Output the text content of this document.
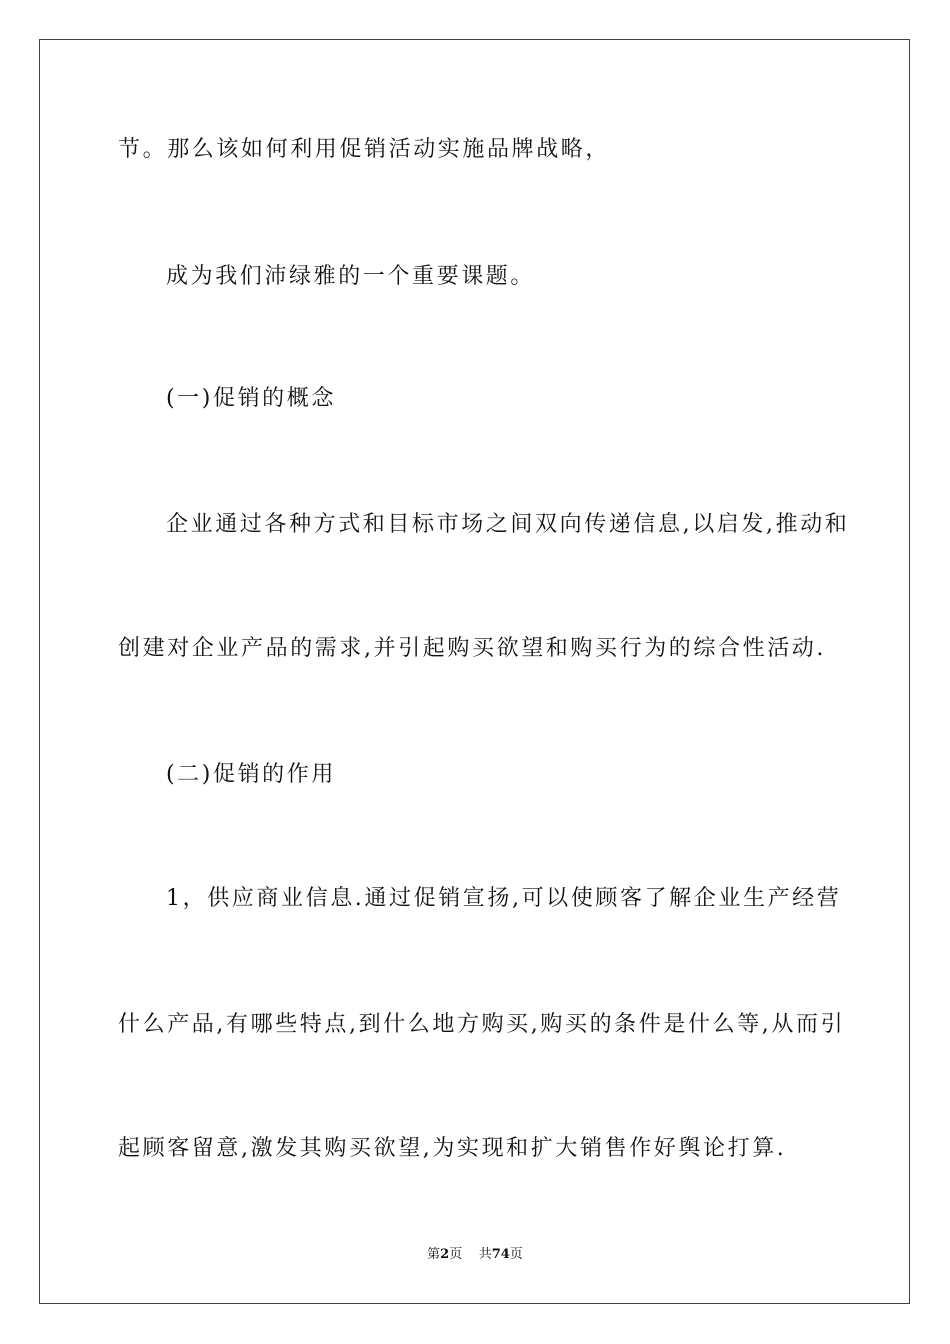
节。那么该如何利用促销活动实施品牌战略，
成为我们沛绿雅的一个重要课题。
(一)促销的概念
企业通过各种方式和目标市场之间双向传递信息,以启发,推动和
创建对企业产品的需求,并引起购买欲望和购买行为的综合性活动.
(二)促销的作用
1，供应商业信息.通过促销宣扬,可以使顾客了解企业生产经营
什么产品,有哪些特点,到什么地方购买,购买的条件是什么等,从而引
起顾客留意,激发其购买欲望,为实现和扩大销售作好舆论打算.
第2页 共74页
